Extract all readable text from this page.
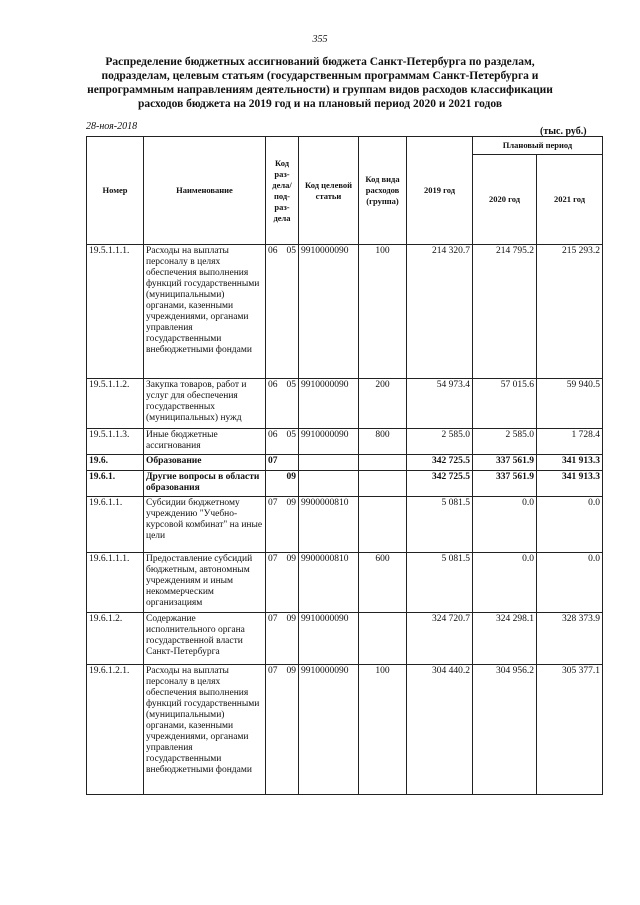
355
Распределение бюджетных ассигнований бюджета Санкт-Петербурга по разделам, подразделам, целевым статьям (государственным программам Санкт-Петербурга и непрограммным направлениям деятельности) и группам видов расходов классификации расходов бюджета на 2019 год и на плановый период 2020 и 2021 годов
28-ноя-2018	(тыс. руб.)
Номер	Наименование	Код раз-дела/ под-раз-дела	Код целевой статьи	Код вида расходов (группа)	2019 год	Плановый период	
						2020 год	2021 год
19.5.1.1.1.	Расходы на выплаты персоналу в целях обеспечения выполнения функций государственными (муниципальными) органами, казенными учреждениями, органами управления государственными внебюджетными фондами	06 05	9910000090	100	214 320.7	214 795.2	215 293.2
19.5.1.1.2.	Закупка товаров, работ и услуг для обеспечения государственных (муниципальных) нужд	06 05	9910000090	200	54 973.4	57 015.6	59 940.5
19.5.1.1.3.	Иные бюджетные ассигнования	06 05	9910000090	800	2 585.0	2 585.0	1 728.4
19.6.	Образование	07			342 725.5	337 561.9	341 913.3
19.6.1.	Другие вопросы в области образования	09			342 725.5	337 561.9	341 913.3
19.6.1.1.	Субсидии бюджетному учреждению "Учебно-курсовой комбинат" на иные цели	07 09	9900000810		5 081.5	0.0	0.0
19.6.1.1.1.	Предоставление субсидий бюджетным, автономным учреждениям и иным некоммерческим организациям	07 09	9900000810	600	5 081.5	0.0	0.0
19.6.1.2.	Содержание исполнительного органа государственной власти Санкт-Петербурга	07 09	9910000090		324 720.7	324 298.1	328 373.9
19.6.1.2.1.	Расходы на выплаты персоналу в целях обеспечения выполнения функций государственными (муниципальными) органами, казенными учреждениями, органами управления государственными внебюджетными фондами	07 09	9910000090	100	304 440.2	304 956.2	305 377.1
